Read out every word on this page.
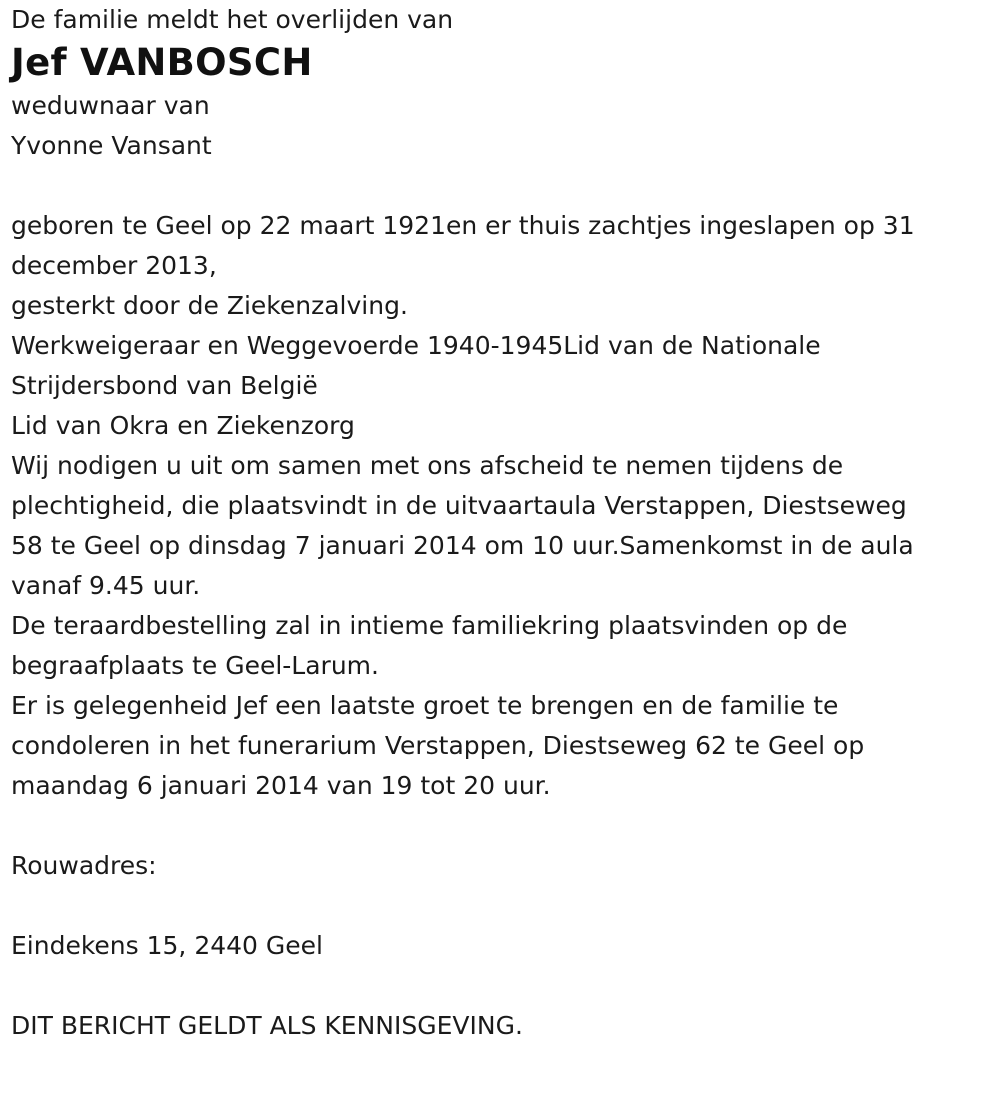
De familie meldt het overlijden van

Jef VANBOSCH

weduwnaar van

Yvonne Vansant

geboren te Geel op 22 maart 1921en er thuis zachtjes ingeslapen op 31

december 2013,

gesterkt door de Ziekenzalving.

Werkweigeraar en Weggevoerde 1940-1945Lid van de Nationale

Strijdersbond van België

Lid van Okra en Ziekenzorg

Wij nodigen u uit om samen met ons afscheid te nemen tijdens de

plechtigheid, die plaatsvindt in de uitvaartaula Verstappen, Diestseweg

58 te Geel op dinsdag 7 januari 2014 om 10 uur.Samenkomst in de aula

vanaf 9.45 uur.

De teraardbestelling zal in intieme familiekring plaatsvinden op de

begraafplaats te Geel-Larum.

Er is gelegenheid Jef een laatste groet te brengen en de familie te

condoleren in het funerarium Verstappen, Diestseweg 62 te Geel op

maandag 6 januari 2014 van 19 tot 20 uur.

Rouwadres:

Eindekens 15, 2440 Geel

DIT BERICHT GELDT ALS KENNISGEVING.
